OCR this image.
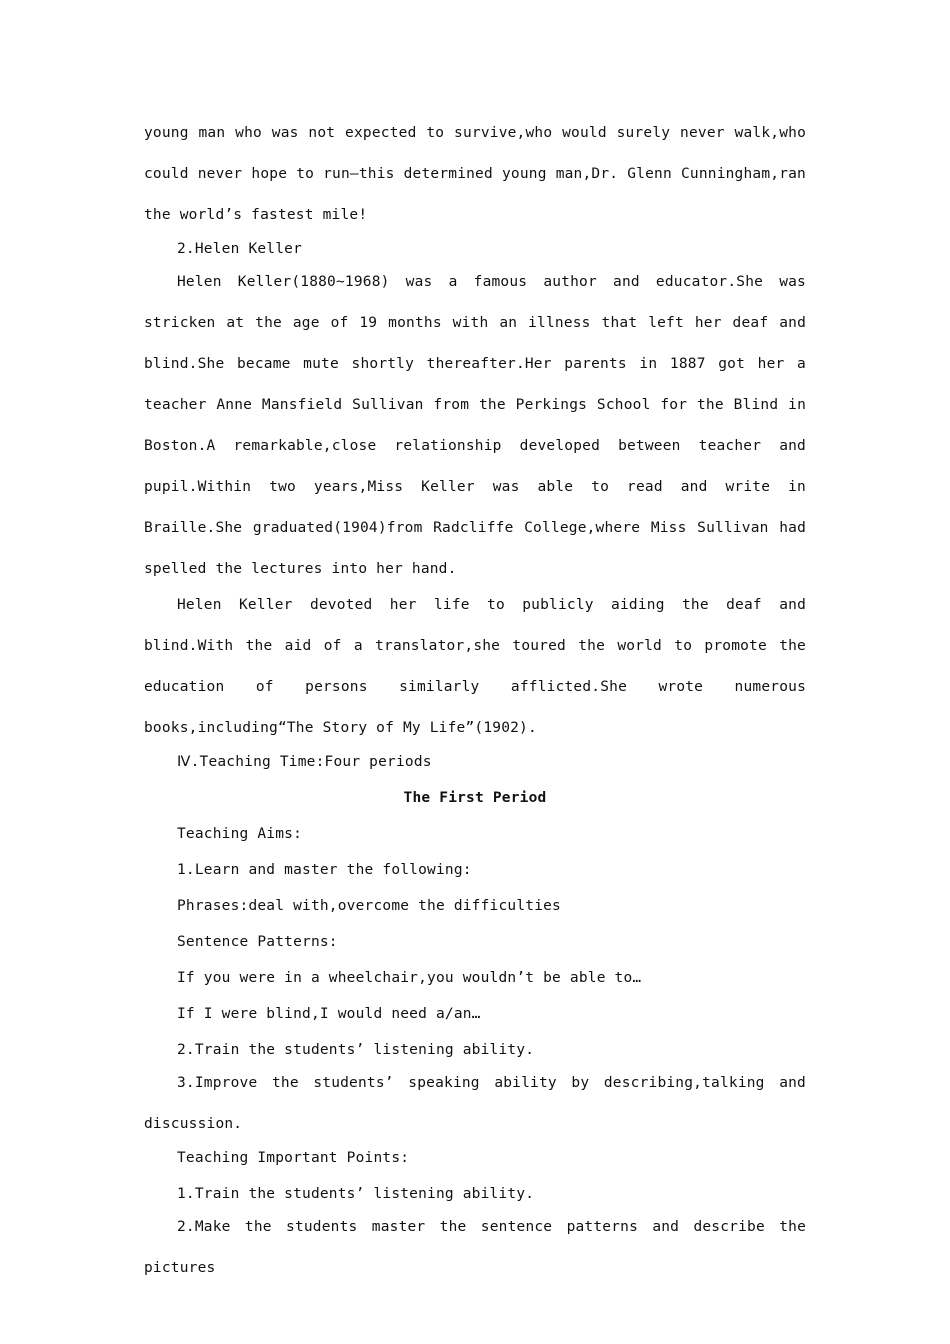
young man who was not expected to survive,who would surely never walk,who could never hope to run—this determined young man,Dr. Glenn Cunningham,ran the world’s fastest mile!

2.Helen Keller

Helen Keller(1880~1968) was a famous author and educator.She was stricken at the age of 19 months with an illness that left her deaf and blind.She became mute shortly thereafter.Her parents in 1887 got her a teacher Anne Mansfield Sullivan from the Perkings School for the Blind in Boston.A remarkable,close relationship developed between teacher and pupil.Within two years,Miss Keller was able to read and write in Braille.She graduated(1904)from Radcliffe College,where Miss Sullivan had spelled the lectures into her hand.

Helen Keller devoted her life to publicly aiding the deaf and blind.With the aid of a translator,she toured the world to promote the education of persons similarly afflicted.She wrote numerous books,including“The Story of My Life”(1902).

Ⅳ.Teaching Time:Four periods

The First Period

Teaching Aims:

1.Learn and master the following:

Phrases:deal with,overcome the difficulties

Sentence Patterns:

If you were in a wheelchair,you wouldn’t be able to…

If I were blind,I would need a/an…

2.Train the students’ listening ability.

3.Improve the students’ speaking ability by describing,talking and discussion.

Teaching Important Points:

1.Train the students’ listening ability.

2.Make the students master the sentence patterns and describe the pictures
